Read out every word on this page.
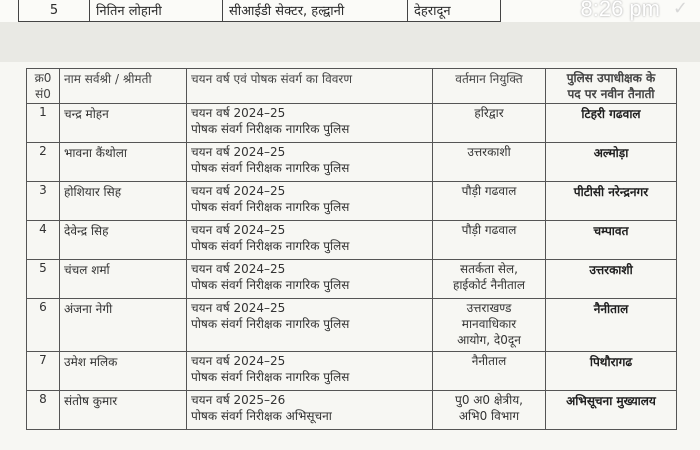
5	नितिन लोहानी	सीआईडी सेक्टर, हल्द्वानी	देहरादून	8:26 pm ✓
क्र0
सं0	नाम सर्वश्री / श्रीमती	चयन वर्ष एवं पोषक संवर्ग का विवरण	वर्तमान नियुक्ति	पुलिस उपाधीक्षक के
पद पर नवीन तैनाती

1	चन्द्र मोहन	चयन वर्ष 2024–25
पोषक संवर्ग निरीक्षक नागरिक पुलिस	हरिद्वार	टिहरी गढवाल
2	भावना कैंथोला	चयन वर्ष 2024–25
पोषक संवर्ग निरीक्षक नागरिक पुलिस	उत्तरकाशी	अल्मोड़ा
3	होशियार सिह	चयन वर्ष 2024–25
पोषक संवर्ग निरीक्षक नागरिक पुलिस	पौड़ी गढवाल	पीटीसी नरेन्द्रनगर
4	देवेन्द्र सिह	चयन वर्ष 2024–25
पोषक संवर्ग निरीक्षक नागरिक पुलिस	पौड़ी गढवाल	चम्पावत
5	चंचल शर्मा	चयन वर्ष 2024–25
पोषक संवर्ग निरीक्षक नागरिक पुलिस	सतर्कता सेल,
हाईकोर्ट नैनीताल	उत्तरकाशी
6	अंजना नेगी	चयन वर्ष 2024–25
पोषक संवर्ग निरीक्षक नागरिक पुलिस	उत्तराखण्ड
मानवाधिकार
आयोग, दे0दून	नैनीताल
7	उमेश मलिक	चयन वर्ष 2024–25
पोषक संवर्ग निरीक्षक नागरिक पुलिस	नैनीताल	पिथौरागढ
8	संतोष कुमार	चयन वर्ष 2025–26
पोषक संवर्ग निरीक्षक अभिसूचना	पु0 अ0 क्षेत्रीय,
अभि0 विभाग	अभिसूचना मुख्यालय
